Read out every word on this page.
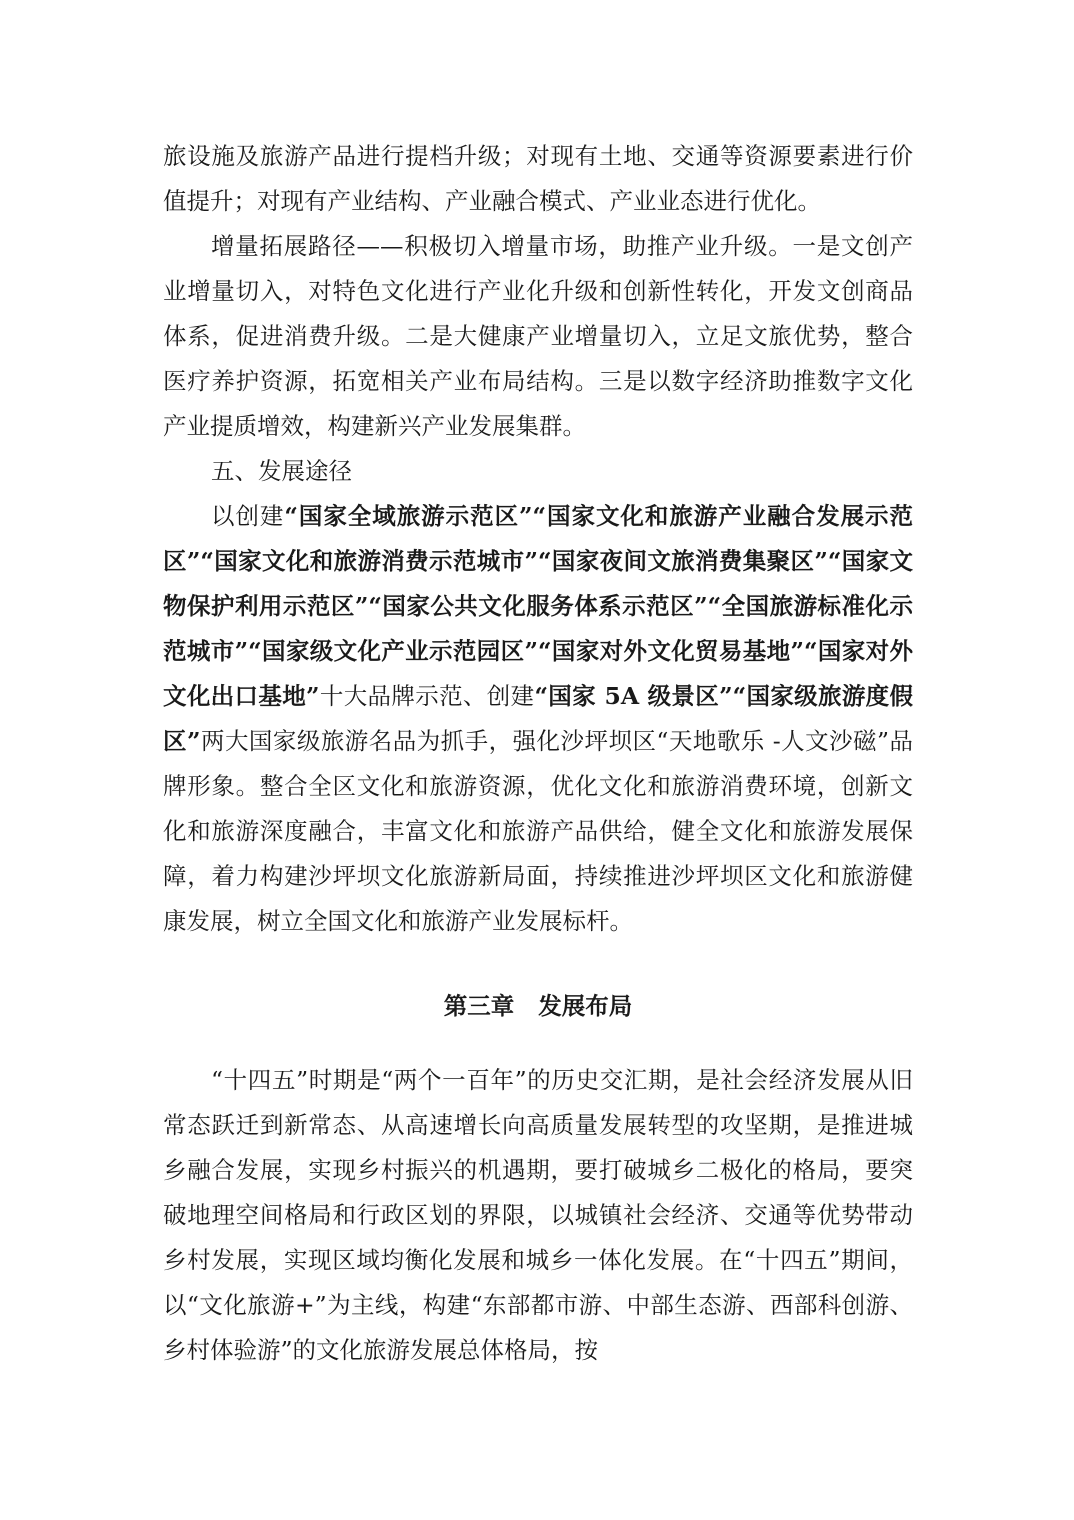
旅设施及旅游产品进行提档升级；对现有土地、交通等资源要素进行价值提升；对现有产业结构、产业融合模式、产业业态进行优化。

增量拓展路径——积极切入增量市场，助推产业升级。一是文创产业增量切入，对特色文化进行产业化升级和创新性转化，开发文创商品体系，促进消费升级。二是大健康产业增量切入，立足文旅优势，整合医疗养护资源，拓宽相关产业布局结构。三是以数字经济助推数字文化产业提质增效，构建新兴产业发展集群。

五、发展途径

以创建“国家全域旅游示范区”“国家文化和旅游产业融合发展示范区”“国家文化和旅游消费示范城市”“国家夜间文旅消费集聚区”“国家文物保护利用示范区”“国家公共文化服务体系示范区”“全国旅游标准化示范城市”“国家级文化产业示范园区”“国家对外文化贸易基地”“国家对外文化出口基地”十大品牌示范、创建“国家 5A 级景区”“国家级旅游度假区”两大国家级旅游名品为抓手，强化沙坪坝区“天地歌乐 -人文沙磁”品牌形象。整合全区文化和旅游资源，优化文化和旅游消费环境，创新文化和旅游深度融合，丰富文化和旅游产品供给，健全文化和旅游发展保障，着力构建沙坪坝文化旅游新局面，持续推进沙坪坝区文化和旅游健康发展，树立全国文化和旅游产业发展标杆。

第三章 发展布局

“十四五”时期是“两个一百年”的历史交汇期，是社会经济发展从旧常态跃迁到新常态、从高速增长向高质量发展转型的攻坚期，是推进城乡融合发展，实现乡村振兴的机遇期，要打破城乡二极化的格局，要突破地理空间格局和行政区划的界限，以城镇社会经济、交通等优势带动乡村发展，实现区域均衡化发展和城乡一体化发展。在“十四五”期间，以“文化旅游+”为主线，构建“东部都市游、中部生态游、西部科创游、乡村体验游”的文化旅游发展总体格局，按
